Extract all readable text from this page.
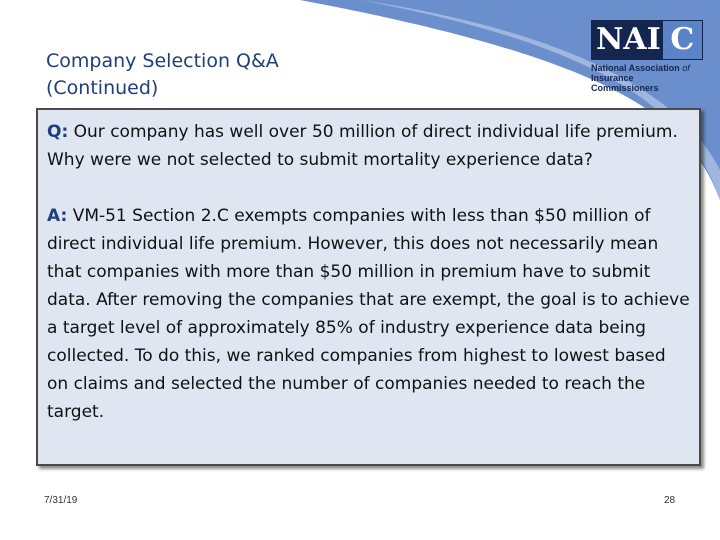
Company Selection Q&A
(Continued)
NAI C
National Association of
Insurance Commissioners

Q: Our company has well over 50 million of direct individual life premium. Why were we not selected to submit mortality experience data?

A: VM-51 Section 2.C exempts companies with less than $50 million of direct individual life premium. However, this does not necessarily mean that companies with more than $50 million in premium have to submit data. After removing the companies that are exempt, the goal is to achieve a target level of approximately 85% of industry experience data being collected. To do this, we ranked companies from highest to lowest based on claims and selected the number of companies needed to reach the target.

7/31/19	28
